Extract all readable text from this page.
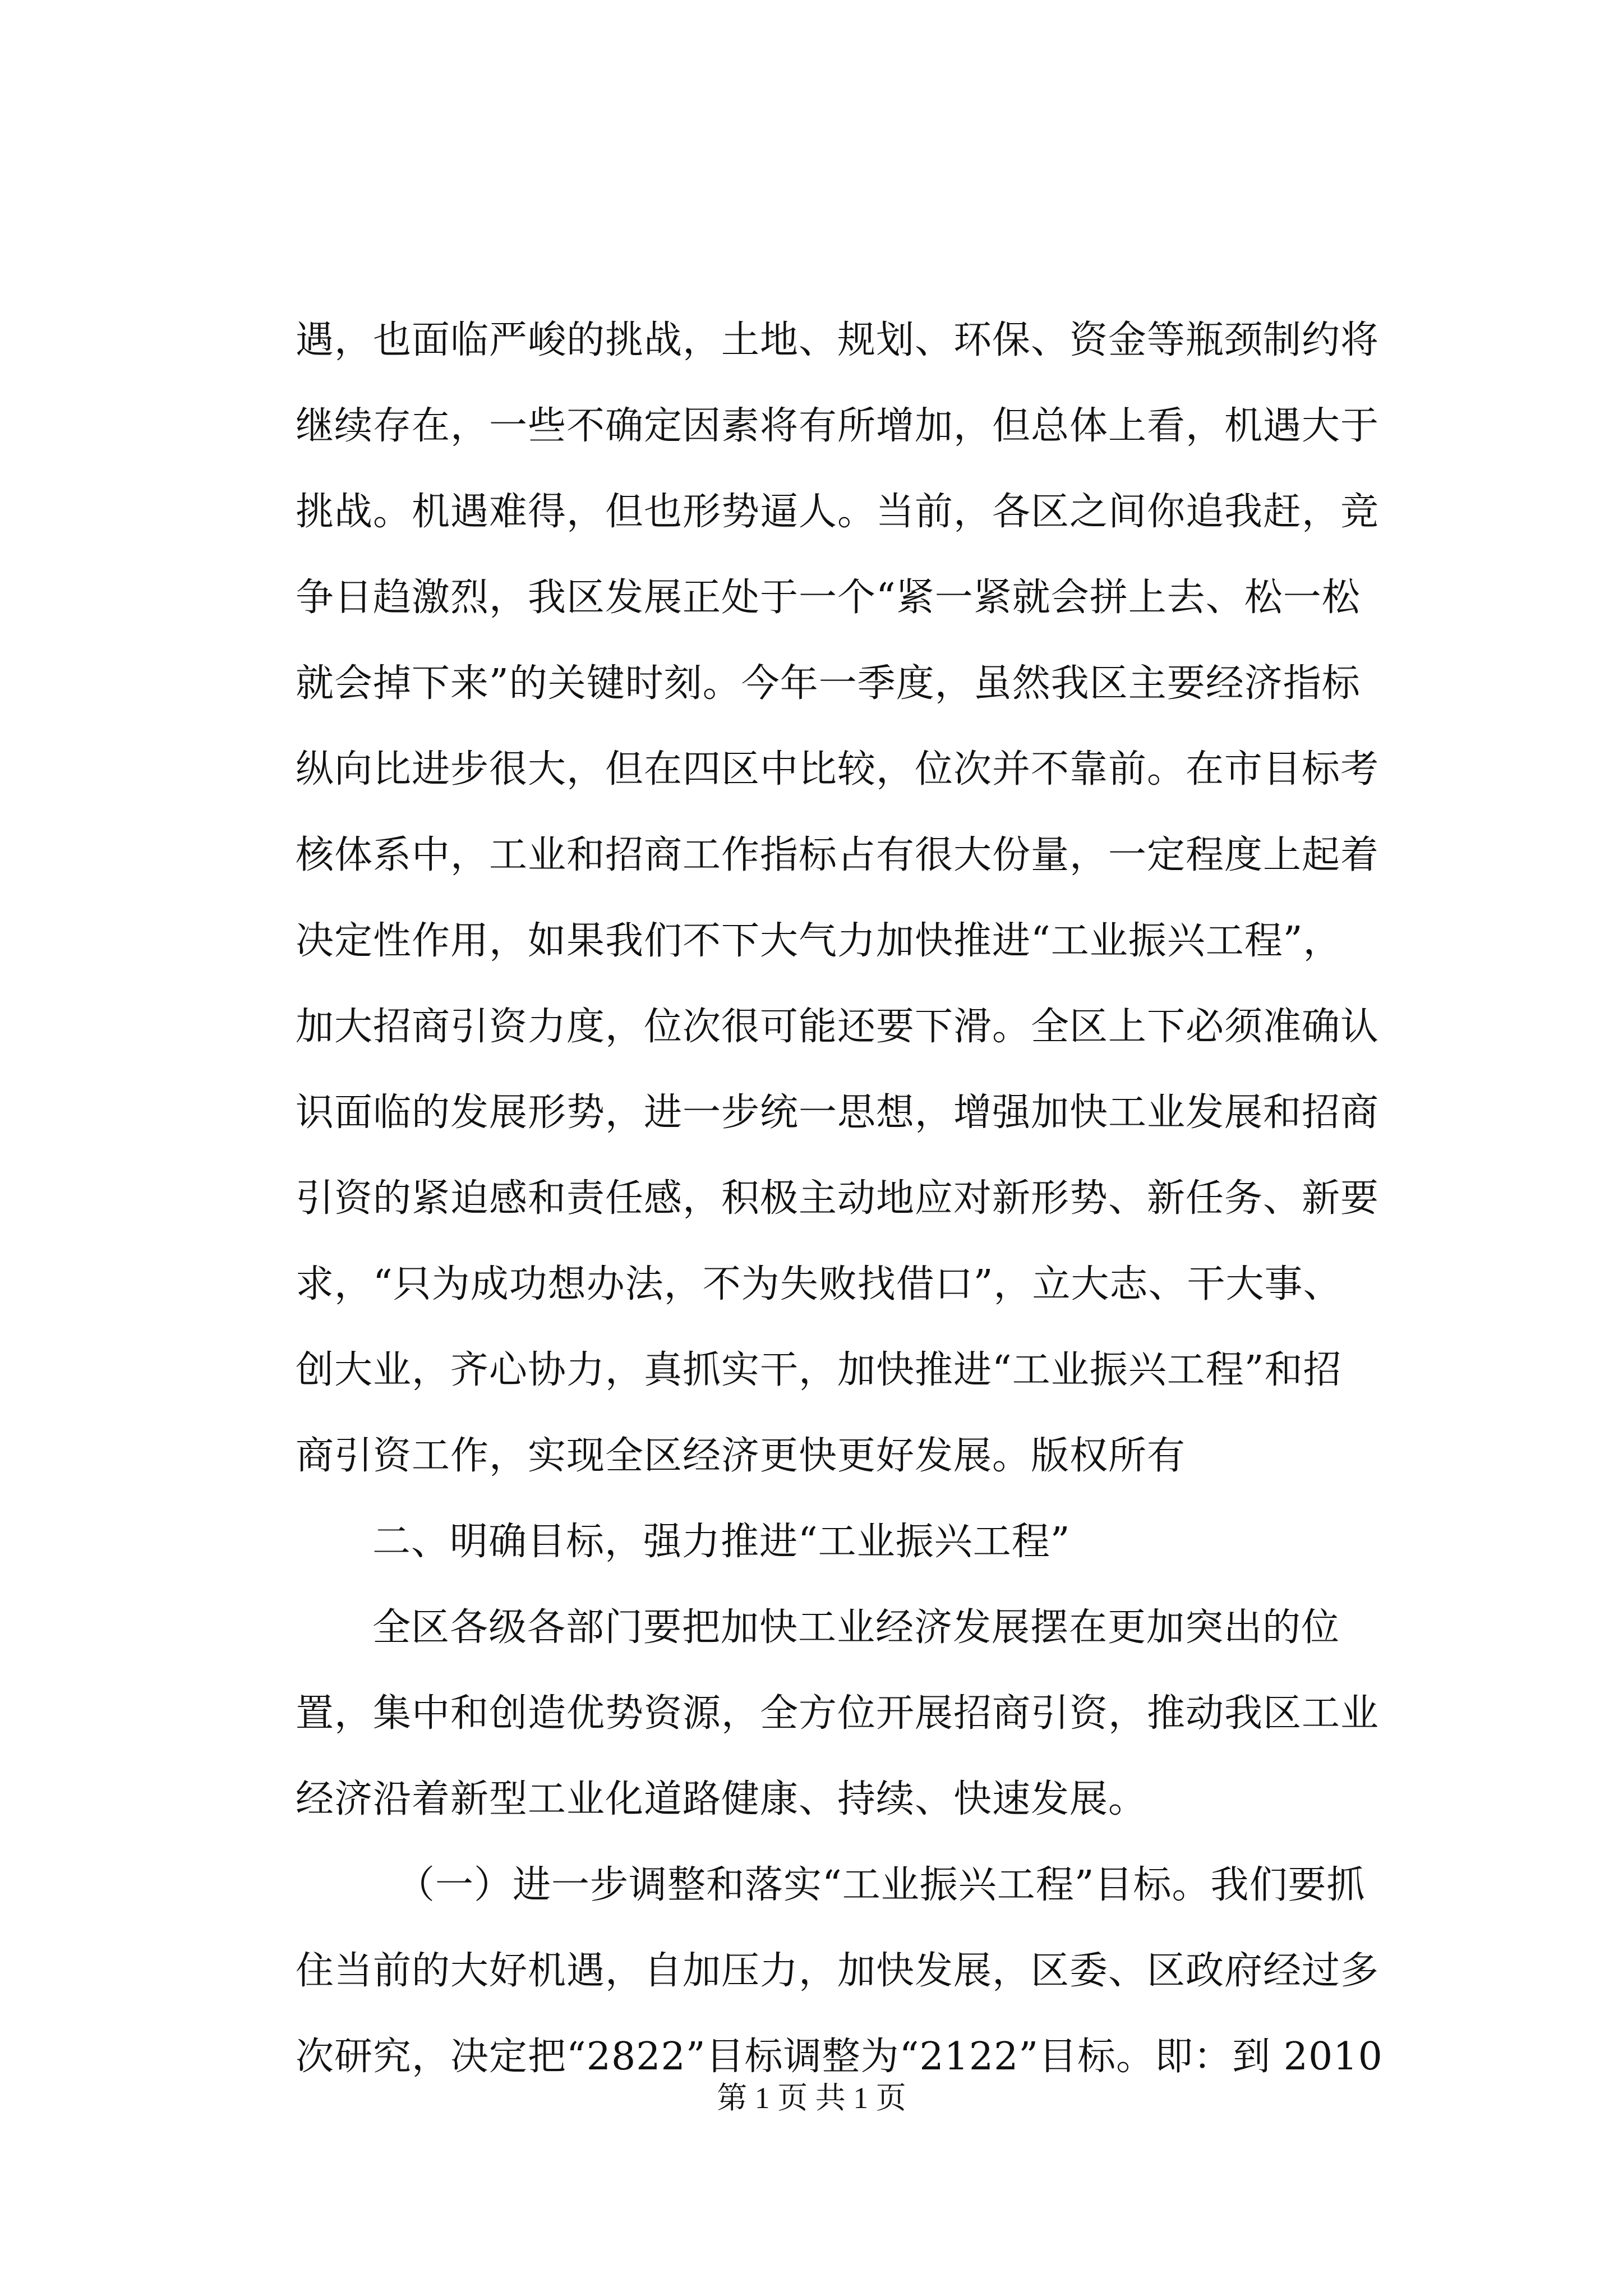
遇，也面临严峻的挑战，土地、规划、环保、资金等瓶颈制约将
继续存在，一些不确定因素将有所增加，但总体上看，机遇大于
挑战。机遇难得，但也形势逼人。当前，各区之间你追我赶，竞
争日趋激烈，我区发展正处于一个“紧一紧就会拼上去、松一松
就会掉下来”的关键时刻。今年一季度，虽然我区主要经济指标
纵向比进步很大，但在四区中比较，位次并不靠前。在市目标考
核体系中，工业和招商工作指标占有很大份量，一定程度上起着
决定性作用，如果我们不下大气力加快推进“工业振兴工程”，
加大招商引资力度，位次很可能还要下滑。全区上下必须准确认
识面临的发展形势，进一步统一思想，增强加快工业发展和招商
引资的紧迫感和责任感，积极主动地应对新形势、新任务、新要
求，“只为成功想办法，不为失败找借口”，立大志、干大事、
创大业，齐心协力，真抓实干，加快推进“工业振兴工程”和招
商引资工作，实现全区经济更快更好发展。版权所有
二、明确目标，强力推进“工业振兴工程”
全区各级各部门要把加快工业经济发展摆在更加突出的位
置，集中和创造优势资源，全方位开展招商引资，推动我区工业
经济沿着新型工业化道路健康、持续、快速发展。
（一）进一步调整和落实“工业振兴工程”目标。我们要抓
住当前的大好机遇，自加压力，加快发展，区委、区政府经过多
次研究，决定把“2822”目标调整为“2122”目标。即：到 2010
第 1 页 共 1 页
